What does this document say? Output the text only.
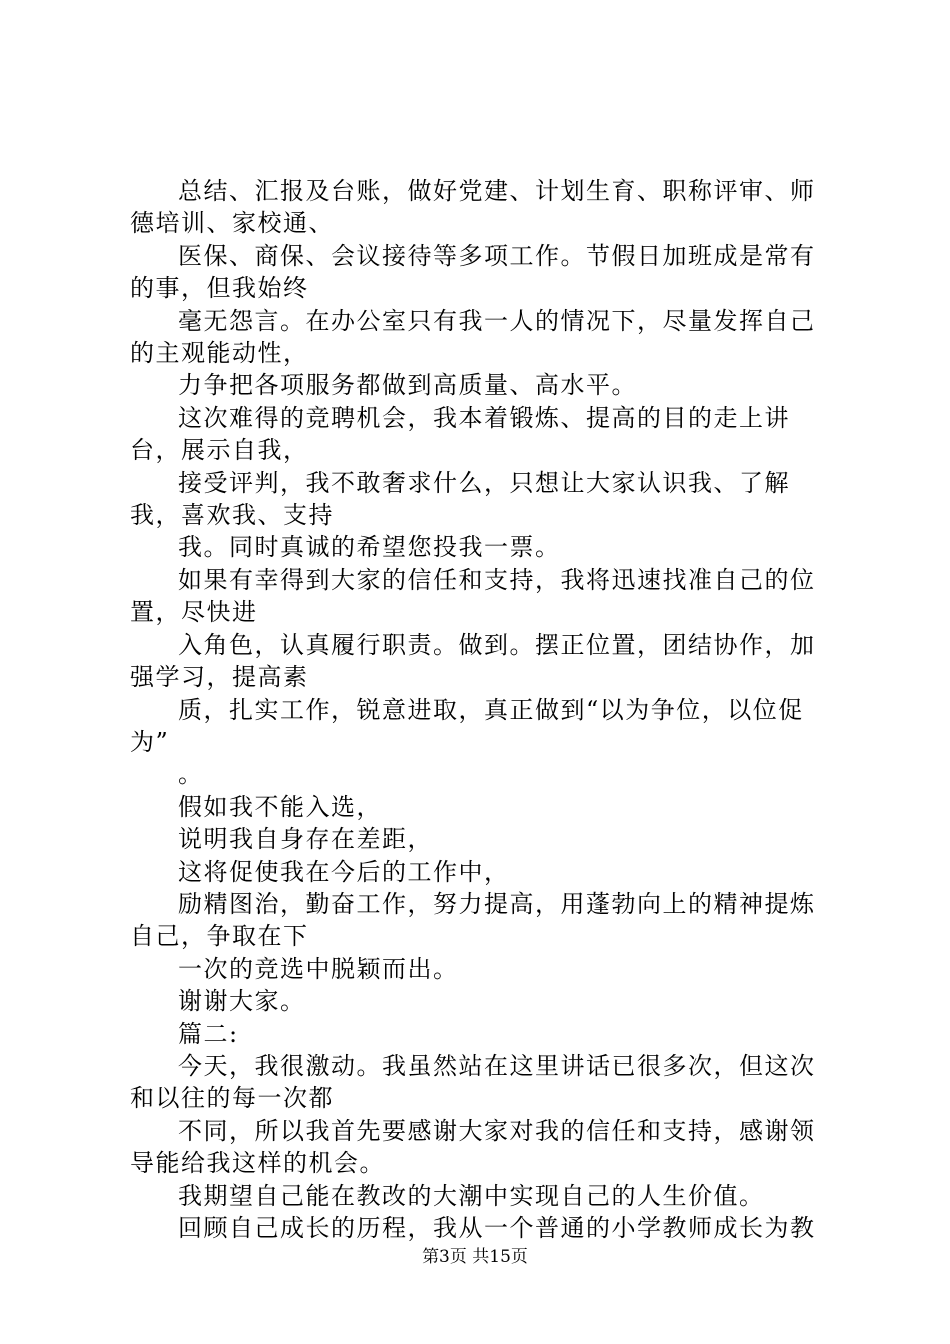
总结、汇报及台账，做好党建、计划生育、职称评审、师德培训、家校通、

医保、商保、会议接待等多项工作。节假日加班成是常有的事，但我始终

毫无怨言。在办公室只有我一人的情况下，尽量发挥自己的主观能动性，

力争把各项服务都做到高质量、高水平。

这次难得的竞聘机会，我本着锻炼、提高的目的走上讲台，展示自我，

接受评判，我不敢奢求什么，只想让大家认识我、了解我，喜欢我、支持

我。同时真诚的希望您投我一票。

如果有幸得到大家的信任和支持，我将迅速找准自己的位置，尽快进

入角色，认真履行职责。做到。摆正位置，团结协作，加强学习，提高素

质，扎实工作，锐意进取，真正做到“以为争位，以位促为”

。

假如我不能入选，

说明我自身存在差距，

这将促使我在今后的工作中，

励精图治，勤奋工作，努力提高，用蓬勃向上的精神提炼自己，争取在下

一次的竞选中脱颖而出。

谢谢大家。

篇二:

今天，我很激动。我虽然站在这里讲话已很多次，但这次和以往的每一次都

不同，所以我首先要感谢大家对我的信任和支持，感谢领导能给我这样的机会。

我期望自己能在教改的大潮中实现自己的人生价值。

回顾自己成长的历程，我从一个普通的小学教师成长为教

第3页 共15页
